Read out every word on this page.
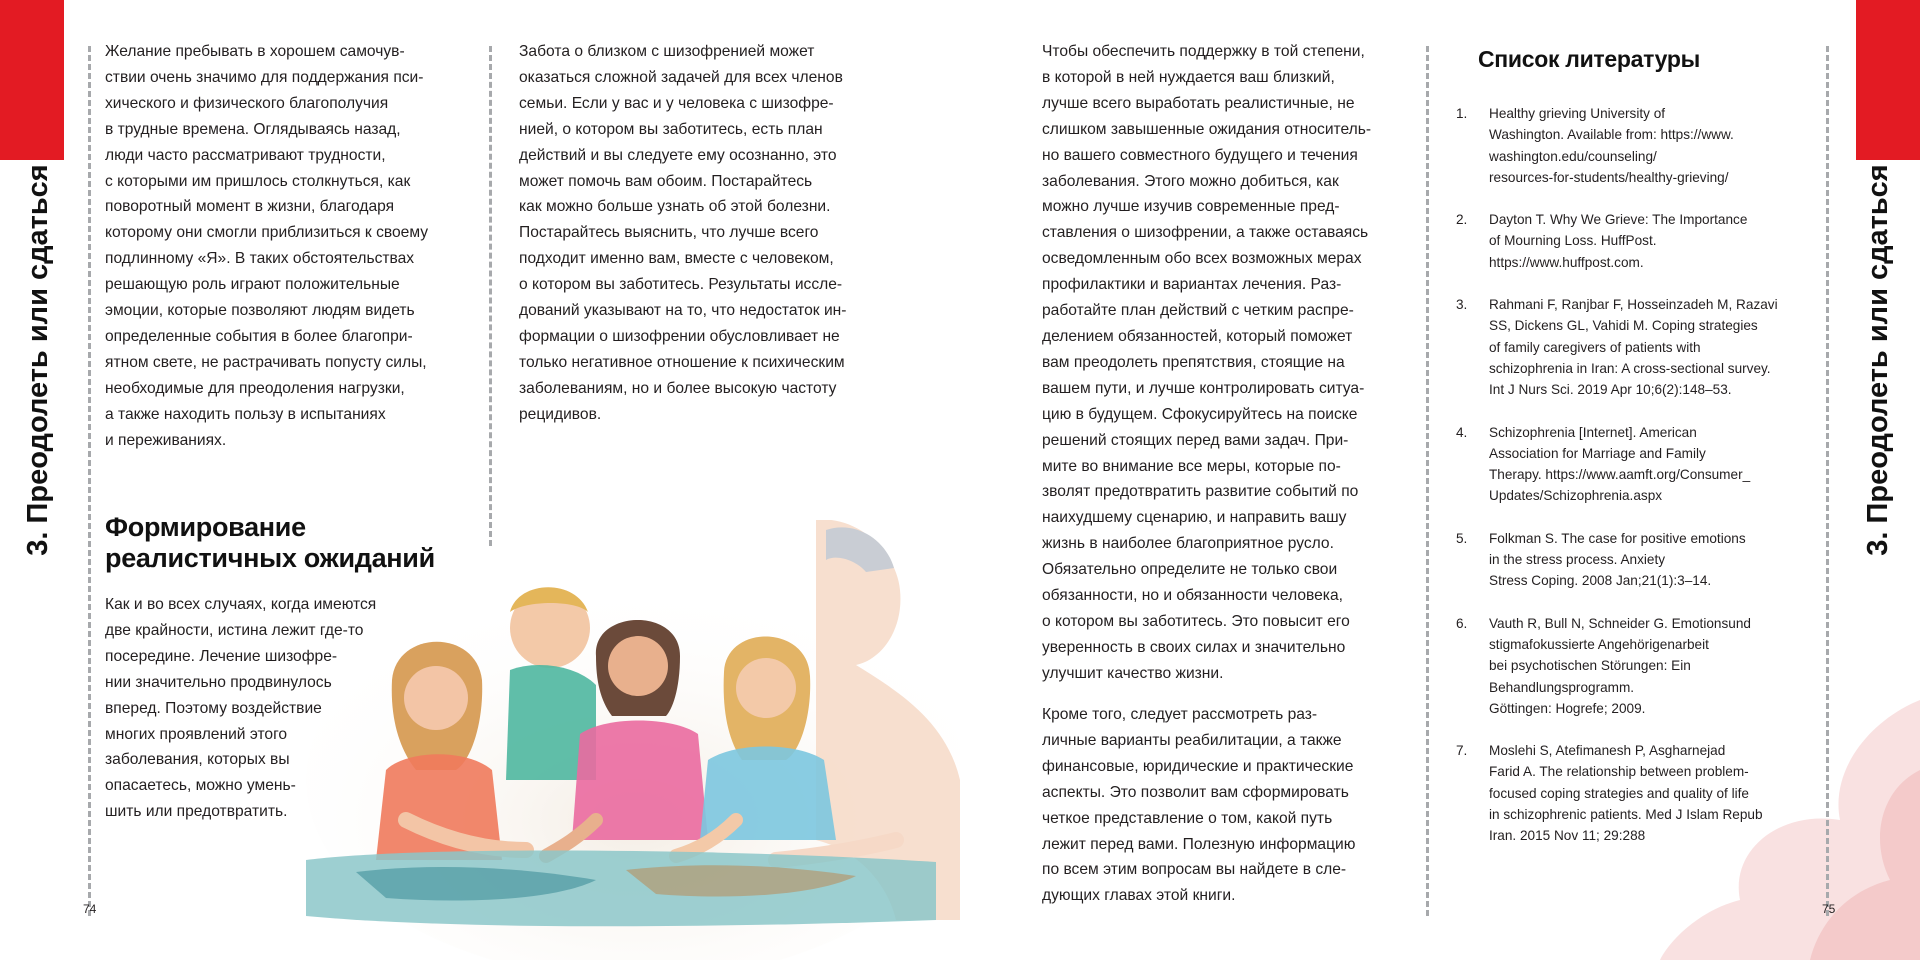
3. Преодолеть или сдаться
Желание пребывать в хорошем самочув-
ствии очень значимо для поддержания пси-
хического и физического благополучия
в трудные времена. Оглядываясь назад,
люди часто рассматривают трудности,
с которыми им пришлось столкнуться, как
поворотный момент в жизни, благодаря
которому они смогли приблизиться к своему
подлинному «Я». В таких обстоятельствах
решающую роль играют положительные
эмоции, которые позволяют людям видеть
определенные события в более благопри-
ятном свете, не растрачивать попусту силы,
необходимые для преодоления нагрузки,
а также находить пользу в испытаниях
и переживаниях.
Формирование
реалистичных ожиданий
Как и во всех случаях, когда имеются
две крайности, истина лежит где-то
посередине. Лечение шизофре-
нии значительно продвинулось
вперед. Поэтому воздействие
многих проявлений этого
заболевания, которых вы
опасаетесь, можно умень-
шить или предотвратить.
Забота о близком с шизофренией может
оказаться сложной задачей для всех членов
семьи. Если у вас и у человека с шизофре-
нией, о котором вы заботитесь, есть план
действий и вы следуете ему осознанно, это
может помочь вам обоим. Постарайтесь
как можно больше узнать об этой болезни.
Постарайтесь выяснить, что лучше всего
подходит именно вам, вместе с человеком,
о котором вы заботитесь. Результаты иссле-
дований указывают на то, что недостаток ин-
формации о шизофрении обусловливает не
только негативное отношение к психическим
заболеваниям, но и более высокую частоту
рецидивов.
74
3. Преодолеть или сдаться
Чтобы обеспечить поддержку в той степени,
в которой в ней нуждается ваш близкий,
лучше всего выработать реалистичные, не
слишком завышенные ожидания относитель-
но вашего совместного будущего и течения
заболевания. Этого можно добиться, как
можно лучше изучив современные пред-
ставления о шизофрении, а также оставаясь
осведомленным обо всех возможных мерах
профилактики и вариантах лечения. Раз-
работайте план действий с четким распре-
делением обязанностей, который поможет
вам преодолеть препятствия, стоящие на
вашем пути, и лучше контролировать ситуа-
цию в будущем. Сфокусируйтесь на поиске
решений стоящих перед вами задач. При-
мите во внимание все меры, которые по-
зволят предотвратить развитие событий по
наихудшему сценарию, и направить вашу
жизнь в наиболее благоприятное русло.
Обязательно определите не только свои
обязанности, но и обязанности человека,
о котором вы заботитесь. Это повысит его
уверенность в своих силах и значительно
улучшит качество жизни.
Кроме того, следует рассмотреть раз-
личные варианты реабилитации, а также
финансовые, юридические и практические
аспекты. Это позволит вам сформировать
четкое представление о том, какой путь
лежит перед вами. Полезную информацию
по всем этим вопросам вы найдете в сле-
дующих главах этой книги.
Список литературы
1. Healthy grieving University of
Washington. Available from: https://www.
washington.edu/counseling/
resources-for-students/healthy-grieving/
2. Dayton T. Why We Grieve: The Importance
of Mourning Loss. HuffPost.
https://www.huffpost.com.
3. Rahmani F, Ranjbar F, Hosseinzadeh M, Razavi
SS, Dickens GL, Vahidi M. Coping strategies
of family caregivers of patients with
schizophrenia in Iran: A cross-sectional survey.
Int J Nurs Sci. 2019 Apr 10;6(2):148–53.
4. Schizophrenia [Internet]. American
Association for Marriage and Family
Therapy. https://www.aamft.org/Consumer_
Updates/Schizophrenia.aspx
5. Folkman S. The case for positive emotions
in the stress process. Anxiety
Stress Coping. 2008 Jan;21(1):3–14.
6. Vauth R, Bull N, Schneider G. Emotionsund
stigmafokussierte Angehörigenarbeit
bei psychotischen Störungen: Ein
Behandlungsprogramm.
Göttingen: Hogrefe; 2009.
7. Moslehi S, Atefimanesh P, Asgharnejad
Farid A. The relationship between problem-
focused coping strategies and quality of life
in schizophrenic patients. Med J Islam Repub
Iran. 2015 Nov 11; 29:288
75
